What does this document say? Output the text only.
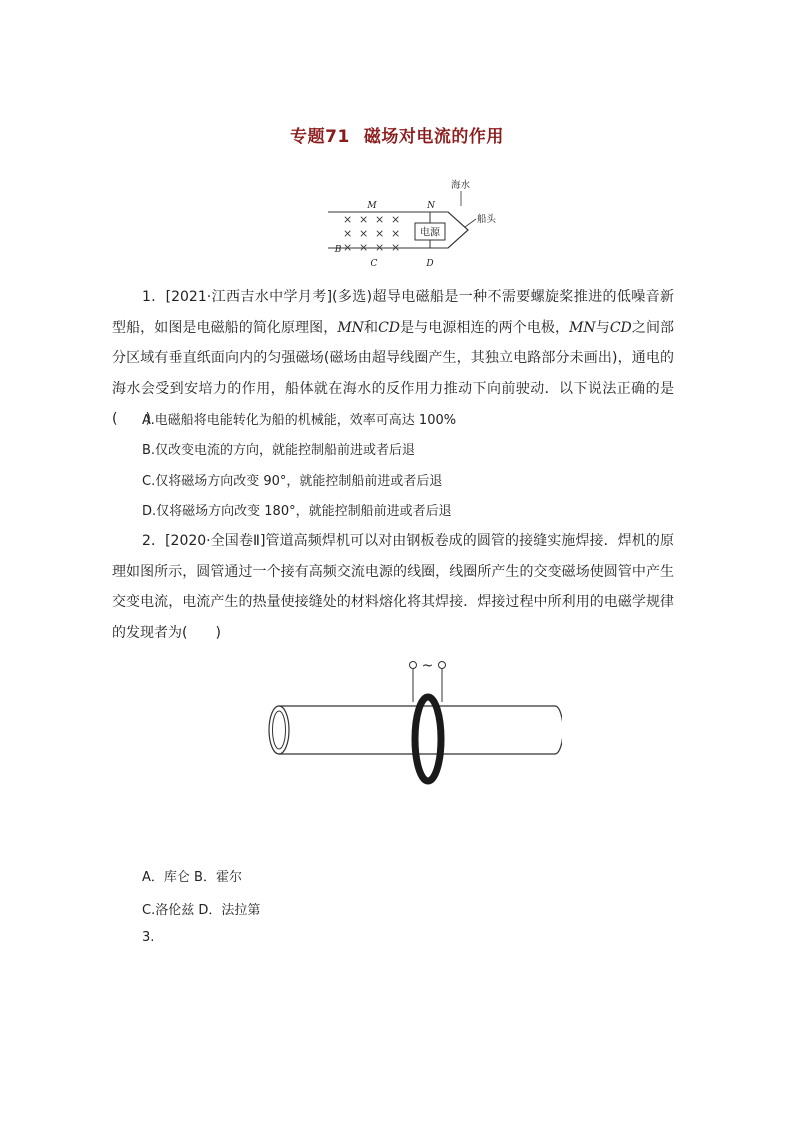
专题71 磁场对电流的作用
× × × ×
× × × ×
× × × ×
电源
M	N
B
C	D
海水
船头
1．[2021·江西吉水中学月考](多选)超导电磁船是一种不需要螺旋桨推进的低噪音新型船，如图是电磁船的简化原理图，MN和CD是与电源相连的两个电极，MN与CD之间部分区域有垂直纸面向内的匀强磁场(磁场由超导线圈产生，其独立电路部分未画出)，通电的海水会受到安培力的作用，船体就在海水的反作用力推动下向前驶动．以下说法正确的是(　　)
A.电磁船将电能转化为船的机械能，效率可高达 100%
B.仅改变电流的方向，就能控制船前进或者后退
C.仅将磁场方向改变 90°，就能控制船前进或者后退
D.仅将磁场方向改变 180°，就能控制船前进或者后退
2．[2020·全国卷Ⅱ]管道高频焊机可以对由钢板卷成的圆管的接缝实施焊接．焊机的原理如图所示，圆管通过一个接有高频交流电源的线圈，线圈所产生的交变磁场使圆管中产生交变电流，电流产生的热量使接缝处的材料熔化将其焊接．焊接过程中所利用的电磁学规律的发现者为(　　)
~
A．库仑 B．霍尔
C.洛伦兹 D．法拉第
3.
